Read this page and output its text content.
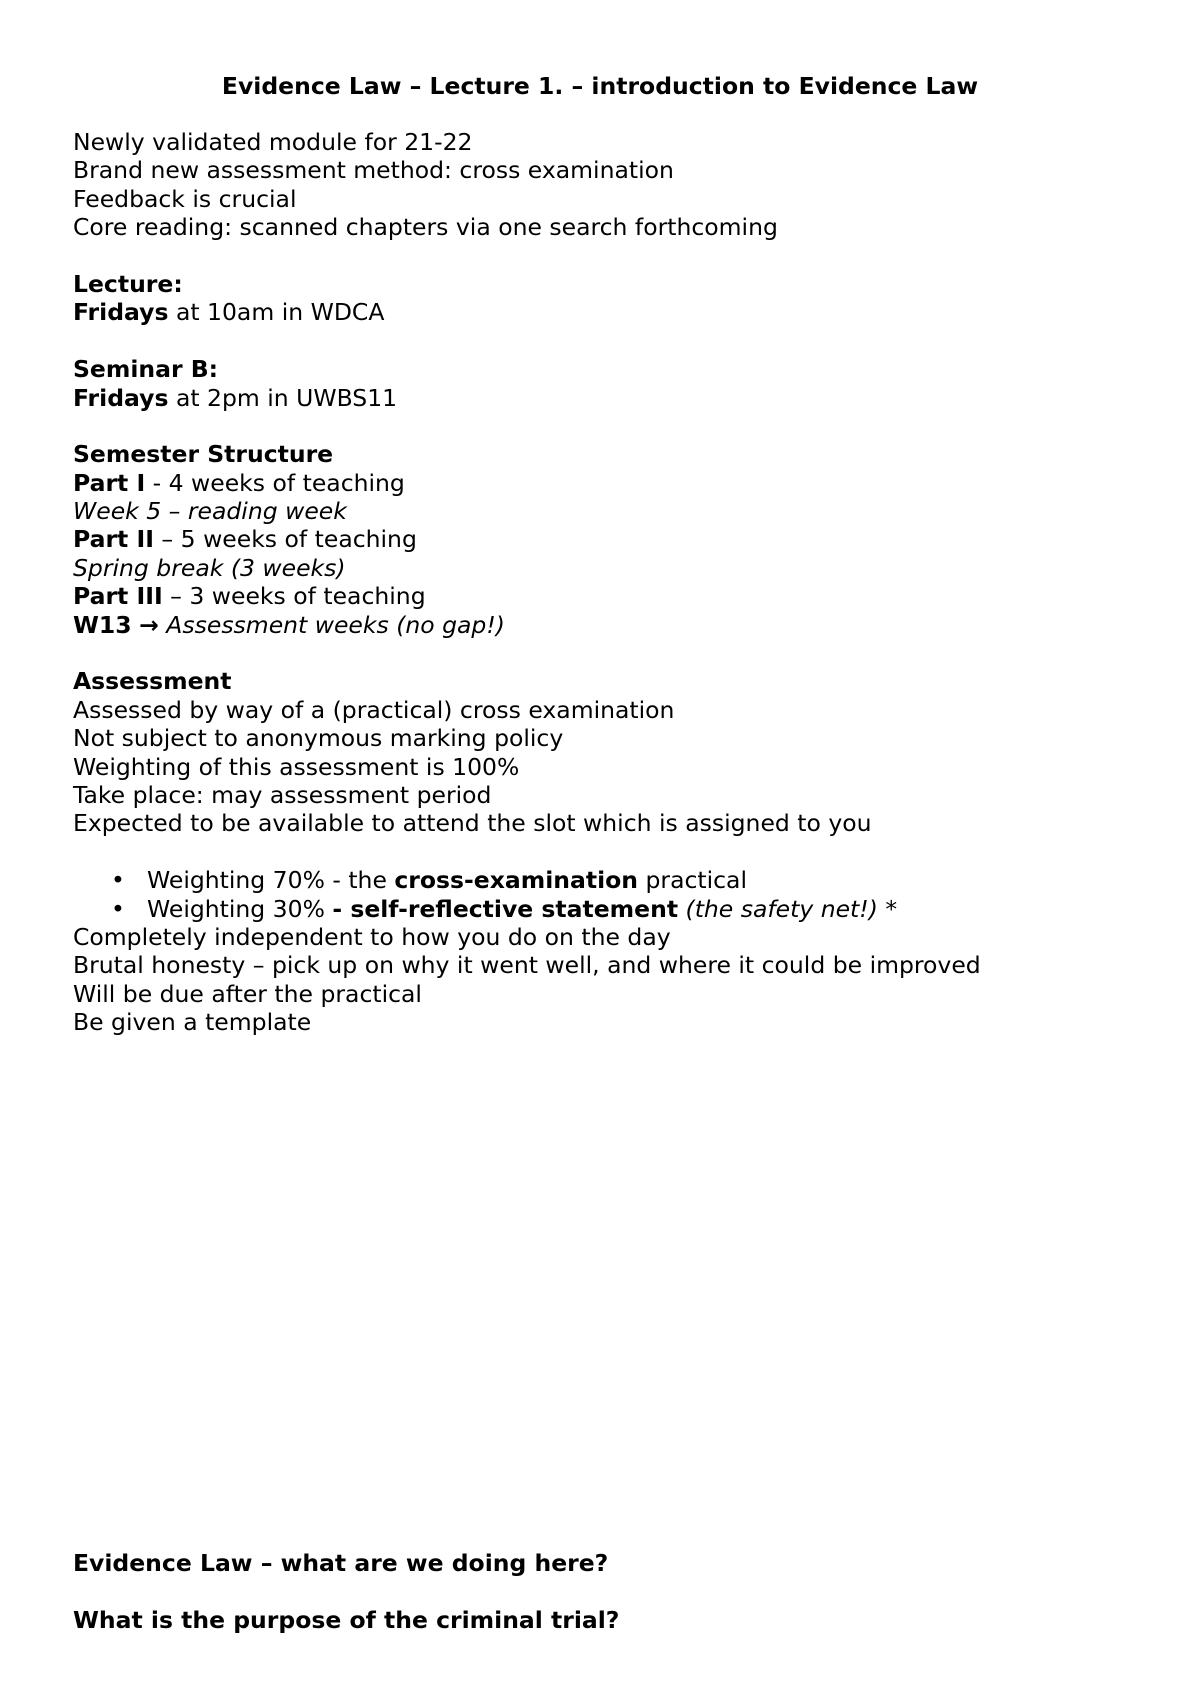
Evidence Law – Lecture 1. – introduction to Evidence Law
Newly validated module for 21-22
Brand new assessment method: cross examination
Feedback is crucial
Core reading: scanned chapters via one search forthcoming
Lecture:
Fridays at 10am in WDCA
Seminar B:
Fridays at 2pm in UWBS11
Semester Structure
Part I - 4 weeks of teaching
Week 5 – reading week
Part II – 5 weeks of teaching
Spring break (3 weeks)
Part III – 3 weeks of teaching
W13 → Assessment weeks (no gap!)
Assessment
Assessed by way of a (practical) cross examination
Not subject to anonymous marking policy
Weighting of this assessment is 100%
Take place: may assessment period
Expected to be available to attend the slot which is assigned to you
• Weighting 70% - the cross-examination practical
• Weighting 30% - self-reflective statement (the safety net!) *
Completely independent to how you do on the day
Brutal honesty – pick up on why it went well, and where it could be improved
Will be due after the practical
Be given a template
Evidence Law – what are we doing here?
What is the purpose of the criminal trial?
